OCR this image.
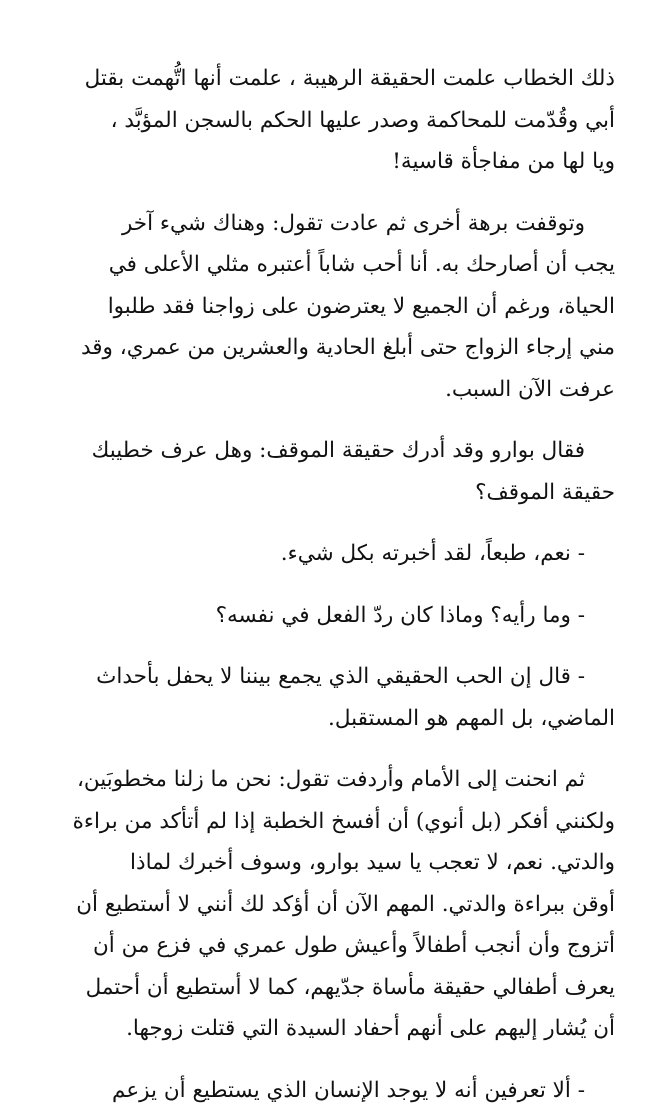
ذلك الخطاب علمت الحقيقة الرهيبة ، علمت أنها اتُّهمت بقتل
أبي وقُدّمت للمحاكمة وصدر عليها الحكم بالسجن المؤبَّد ،
ويا لها من مفاجأة قاسية!

وتوقفت برهة أخرى ثم عادت تقول: وهناك شيء آخر
يجب أن أصارحك به. أنا أحب شاباً أعتبره مثلي الأعلى في
الحياة، ورغم أن الجميع لا يعترضون على زواجنا فقد طلبوا
مني إرجاء الزواج حتى أبلغ الحادية والعشرين من عمري، وقد
عرفت الآن السبب.

فقال بوارو وقد أدرك حقيقة الموقف: وهل عرف خطيبك
حقيقة الموقف؟

- نعم، طبعاً، لقد أخبرته بكل شيء.

- وما رأيه؟ وماذا كان ردّ الفعل في نفسه؟

- قال إن الحب الحقيقي الذي يجمع بيننا لا يحفل بأحداث
الماضي، بل المهم هو المستقبل.

ثم انحنت إلى الأمام وأردفت تقول: نحن ما زلنا مخطوبَين،
ولكنني أفكر (بل أنوي) أن أفسخ الخطبة إذا لم أتأكد من براءة
والدتي. نعم، لا تعجب يا سيد بوارو، وسوف أخبرك لماذا
أوقن ببراءة والدتي. المهم الآن أن أؤكد لك أنني لا أستطيع أن
أتزوج وأن أنجب أطفالاً وأعيش طول عمري في فزع من أن
يعرف أطفالي حقيقة مأساة جدّيهم، كما لا أستطيع أن أحتمل
أن يُشار إليهم على أنهم أحفاد السيدة التي قتلت زوجها.

- ألا تعرفين أنه لا يوجد الإنسان الذي يستطيع أن يزعم
